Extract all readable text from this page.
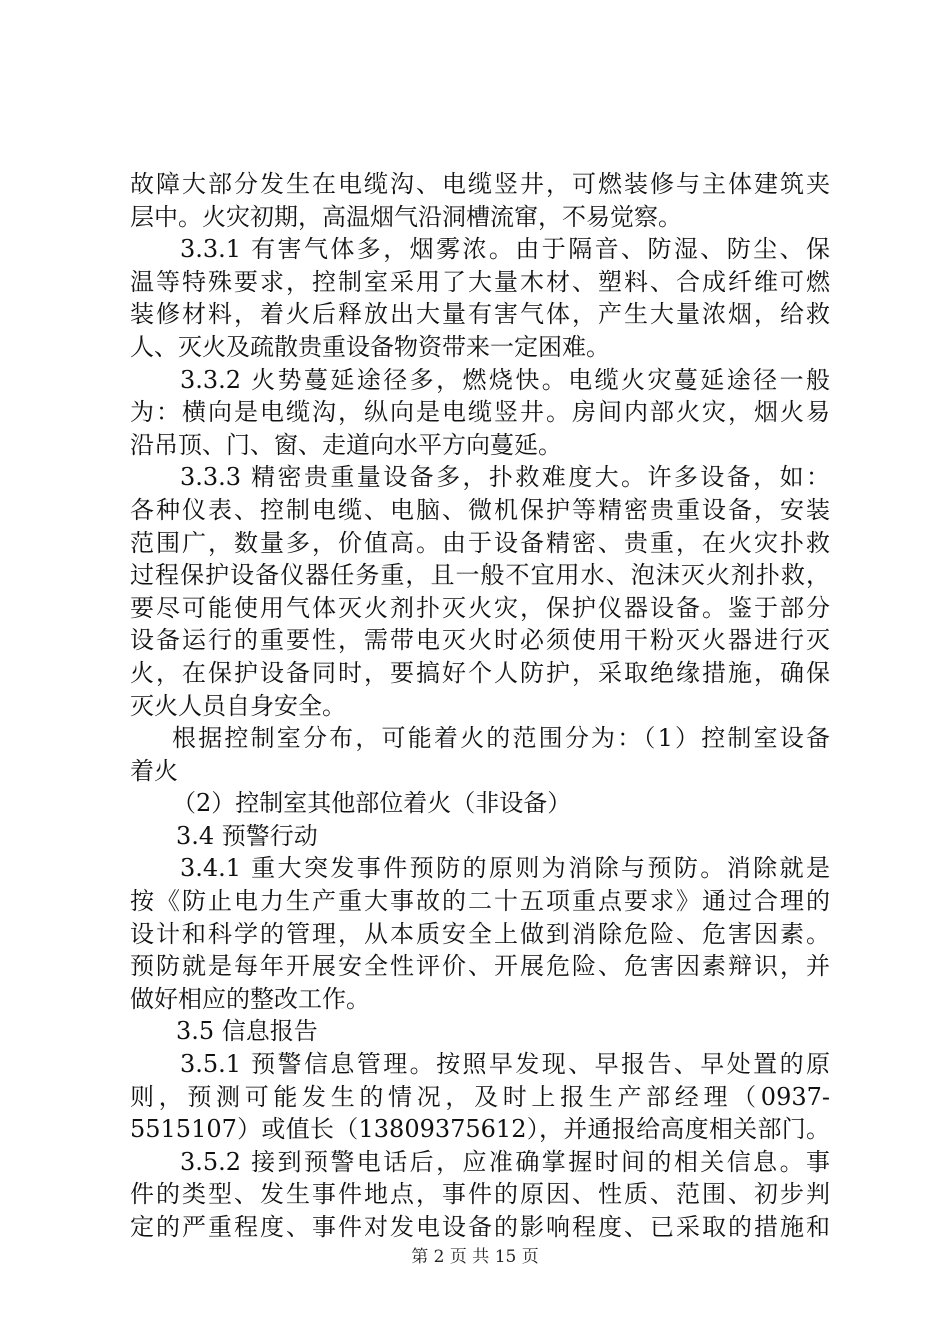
故障大部分发生在电缆沟、电缆竖井，可燃装修与主体建筑夹
层中。火灾初期，高温烟气沿洞槽流窜，不易觉察。
3.3.1 有害气体多，烟雾浓。由于隔音、防湿、防尘、保
温等特殊要求，控制室采用了大量木材、塑料、合成纤维可燃
装修材料，着火后释放出大量有害气体，产生大量浓烟，给救
人、灭火及疏散贵重设备物资带来一定困难。
3.3.2 火势蔓延途径多，燃烧快。电缆火灾蔓延途径一般
为：横向是电缆沟，纵向是电缆竖井。房间内部火灾，烟火易
沿吊顶、门、窗、走道向水平方向蔓延。
3.3.3 精密贵重量设备多，扑救难度大。许多设备，如：
各种仪表、控制电缆、电脑、微机保护等精密贵重设备，安装
范围广，数量多，价值高。由于设备精密、贵重，在火灾扑救
过程保护设备仪器任务重，且一般不宜用水、泡沫灭火剂扑救，
要尽可能使用气体灭火剂扑灭火灾，保护仪器设备。鉴于部分
设备运行的重要性，需带电灭火时必须使用干粉灭火器进行灭
火，在保护设备同时，要搞好个人防护，采取绝缘措施，确保
灭火人员自身安全。
根据控制室分布，可能着火的范围分为：（1）控制室设备
着火
（2）控制室其他部位着火（非设备）
3.4 预警行动
3.4.1 重大突发事件预防的原则为消除与预防。消除就是
按《防止电力生产重大事故的二十五项重点要求》通过合理的
设计和科学的管理，从本质安全上做到消除危险、危害因素。
预防就是每年开展安全性评价、开展危险、危害因素辩识，并
做好相应的整改工作。
3.5 信息报告
3.5.1 预警信息管理。按照早发现、早报告、早处置的原
则，预测可能发生的情况，及时上报生产部经理（0937-
5515107）或值长（13809375612），并通报给高度相关部门。
3.5.2 接到预警电话后，应准确掌握时间的相关信息。事
件的类型、发生事件地点，事件的原因、性质、范围、初步判
定的严重程度、事件对发电设备的影响程度、已采取的措施和
第 2 页 共 15 页
